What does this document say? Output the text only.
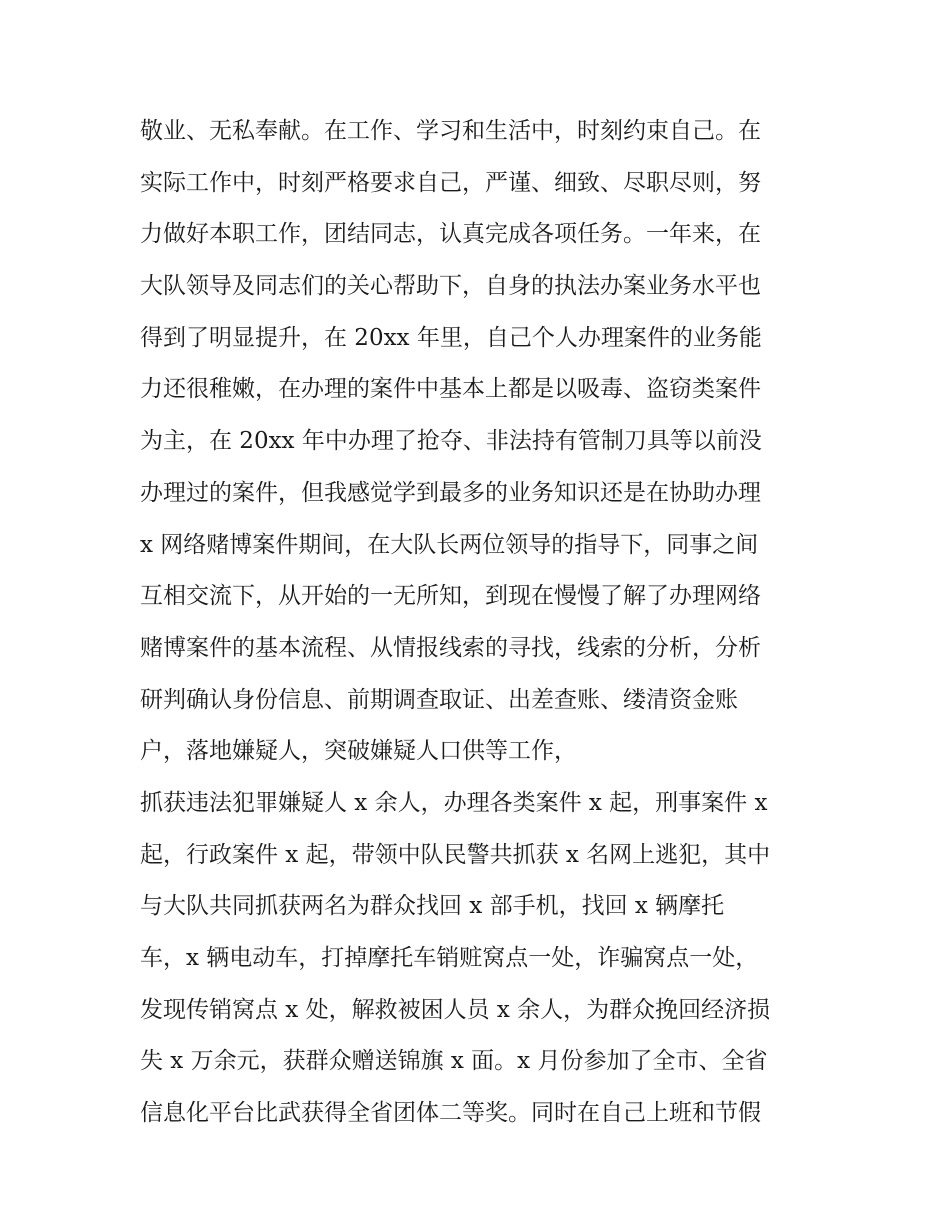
敬业、无私奉献。在工作、学习和生活中，时刻约束自己。在
实际工作中，时刻严格要求自己，严谨、细致、尽职尽则，努
力做好本职工作，团结同志，认真完成各项任务。一年来，在
大队领导及同志们的关心帮助下，自身的执法办案业务水平也
得到了明显提升，在 20xx 年里，自己个人办理案件的业务能
力还很稚嫩，在办理的案件中基本上都是以吸毒、盗窃类案件
为主，在 20xx 年中办理了抢夺、非法持有管制刀具等以前没
办理过的案件，但我感觉学到最多的业务知识还是在协助办理
x 网络赌博案件期间，在大队长两位领导的指导下，同事之间
互相交流下，从开始的一无所知，到现在慢慢了解了办理网络
赌博案件的基本流程、从情报线索的寻找，线索的分析，分析
研判确认身份信息、前期调查取证、出差查账、缕清资金账
户，落地嫌疑人，突破嫌疑人口供等工作，
抓获违法犯罪嫌疑人 x 余人，办理各类案件 x 起，刑事案件 x
起，行政案件 x 起，带领中队民警共抓获 x 名网上逃犯，其中
与大队共同抓获两名为群众找回 x 部手机，找回 x 辆摩托
车，x 辆电动车，打掉摩托车销赃窝点一处，诈骗窝点一处，
发现传销窝点 x 处，解救被困人员 x 余人，为群众挽回经济损
失 x 万余元，获群众赠送锦旗 x 面。x 月份参加了全市、全省
信息化平台比武获得全省团体二等奖。同时在自己上班和节假
